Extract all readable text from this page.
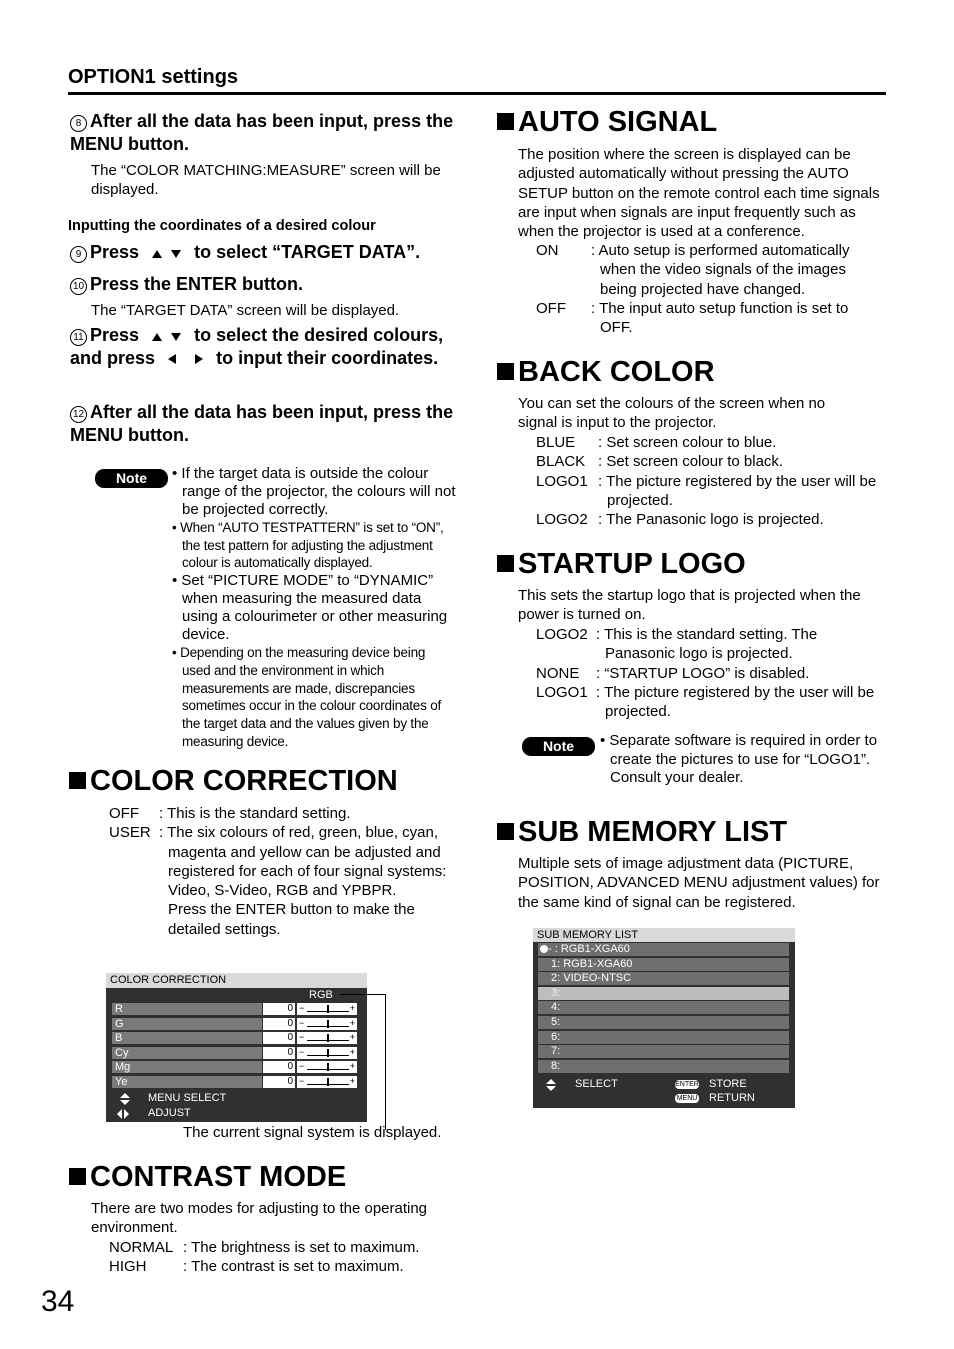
OPTION1 settings
8 After all the data has been input, press the MENU button.
The “COLOR MATCHING:MEASURE” screen will be displayed.
Inputting the coordinates of a desired colour
9 Press	to select “TARGET DATA”.
10 Press the ENTER button.
The “TARGET DATA” screen will be displayed.
11 Press	to select the desired colours, and press	to input their coordinates.
12 After all the data has been input, press the MENU button.
Note	• If the target data is outside the colour range of the projector, the colours will not be projected correctly.
• When “AUTO TESTPATTERN” is set to “ON”, the test pattern for adjusting the adjustment colour is automatically displayed.
• Set “PICTURE MODE” to “DYNAMIC” when measuring the measured data using a colourimeter or other measuring device.
• Depending on the measuring device being used and the environment in which measurements are made, discrepancies sometimes occur in the colour coordinates of the target data and the values given by the measuring device.
COLOR CORRECTION
OFF	: This is the standard setting.
USER : The six colours of red, green, blue, cyan, magenta and yellow can be adjusted and registered for each of four signal systems: Video, S-Video, RGB and YPBPR.
Press the ENTER button to make the detailed settings.
COLOR CORRECTION
RGB
R	0 −	+
G	0 −	+
B	0 −	+
Cy	0 −	+
Mg	0 −	+
Ye	0 −	+
MENU SELECT
ADJUST
The current signal system is displayed.
CONTRAST MODE
There are two modes for adjusting to the operating environment.
NORMAL : The brightness is set to maximum.
HIGH	: The contrast is set to maximum.
34
AUTO SIGNAL
The position where the screen is displayed can be adjusted automatically without pressing the AUTO SETUP button on the remote control each time signals are input when signals are input frequently such as when the projector is used at a conference.
ON	: Auto setup is performed automatically when the video signals of the images being projected have changed.
OFF	: The input auto setup function is set to OFF.
BACK COLOR
You can set the colours of the screen when no signal is input to the projector.
BLUE	: Set screen colour to blue.
BLACK : Set screen colour to black.
LOGO1 : The picture registered by the user will be projected.
LOGO2 : The Panasonic logo is projected.
STARTUP LOGO
This sets the startup logo that is projected when the power is turned on.
LOGO2 : This is the standard setting. The Panasonic logo is projected.
NONE	: “STARTUP LOGO” is disabled.
LOGO1 : The picture registered by the user will be projected.
Note	• Separate software is required in order to create the pictures to use for “LOGO1”. Consult your dealer.
SUB MEMORY LIST
Multiple sets of image adjustment data (PICTURE, POSITION, ADVANCED MENU adjustment values) for the same kind of signal can be registered.
SUB MEMORY LIST
- : RGB1-XGA60
1: RGB1-XGA60
2: VIDEO-NTSC
3:
4:
5:
6:
7:
8:
SELECT	ENTER STORE
MENU RETURN
